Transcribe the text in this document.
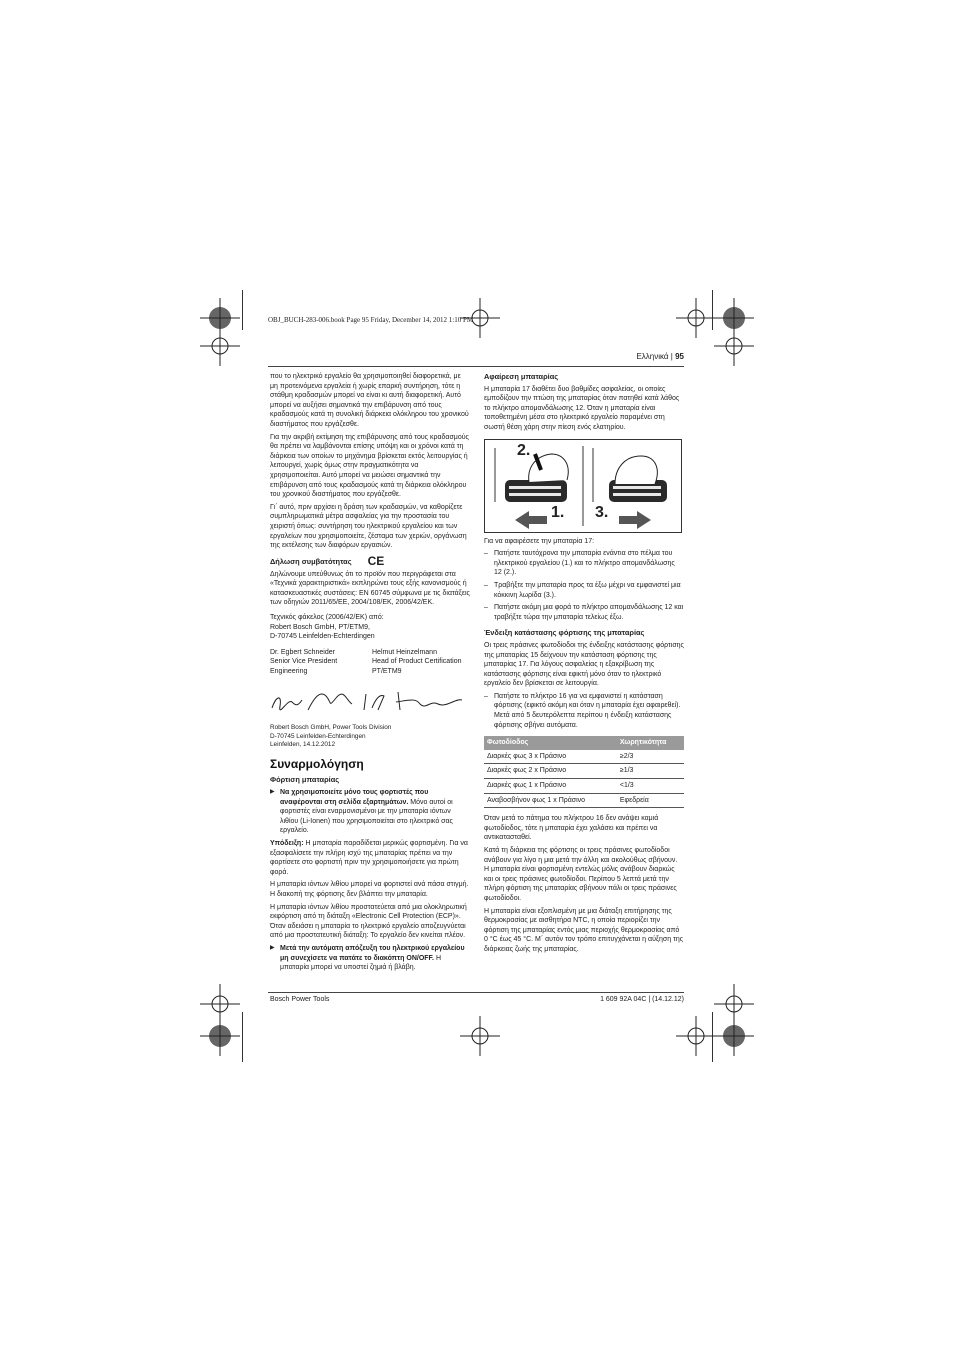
OBJ_BUCH-283-006.book Page 95 Friday, December 14, 2012 1:10 PM
Ελληνικά | 95

που το ηλεκτρικό εργαλείο θα χρησιμοποιηθεί διαφορετικά, με μη προτεινόμενα εργαλεία ή χωρίς επαρκή συντήρηση, τότε η στάθμη κραδασμών μπορεί να είναι κι αυτή διαφορετική. Αυτό μπορεί να αυξήσει σημαντικά την επιβάρυνση από τους κραδασμούς κατά τη συνολική διάρκεια ολόκληρου του χρονικού διαστήματος που εργάζεσθε.

Για την ακριβή εκτίμηση της επιβάρυνσης από τους κραδασμούς θα πρέπει να λαμβάνονται επίσης υπόψη και οι χρόνοι κατά τη διάρκεια των οποίων το μηχάνημα βρίσκεται εκτός λειτουργίας ή λειτουργεί, χωρίς όμως στην πραγματικότητα να χρησιμοποιείται. Αυτό μπορεί να μειώσει σημαντικά την επιβάρυνση από τους κραδασμούς κατά τη διάρκεια ολόκληρου του χρονικού διαστήματος που εργάζεσθε.

Γι΄ αυτό, πριν αρχίσει η δράση των κραδασμών, να καθορίζετε συμπληρωματικά μέτρα ασφαλείας για την προστασία του χειριστή όπως: συντήρηση του ηλεκτρικού εργαλείου και των εργαλείων που χρησιμοποιείτε, ζέσταμα των χεριών, οργάνωση της εκτέλεσης των διαφόρων εργασιών.

Δήλωση συμβατότητας CE

Δηλώνουμε υπεύθυνως ότι το προϊόν που περιγράφεται στα «Τεχνικά χαρακτηριστικά» εκπληρώνει τους εξής κανονισμούς ή κατασκευαστικές συστάσεις: EN 60745 σύμφωνα με τις διατάξεις των οδηγιών 2011/65/ΕE, 2004/108/ΕΚ, 2006/42/ΕΚ.

Τεχνικός φάκελος (2006/42/ΕΚ) από:
Robert Bosch GmbH, PT/ETM9,
D-70745 Leinfelden-Echterdingen

Dr. Egbert Schneider	Helmut Heinzelmann
Senior Vice President	Head of Product Certification
Engineering	PT/ETM9

Robert Bosch GmbH, Power Tools Division
D-70745 Leinfelden-Echterdingen
Leinfelden, 14.12.2012

Συναρμολόγηση
Φόρτιση μπαταρίας

▶ Να χρησιμοποιείτε μόνο τους φορτιστές που αναφέρονται στη σελίδα εξαρτημάτων. Μόνο αυτοί οι φορτιστές είναι εναρμονισμένοι με την μπαταρία ιόντων λιθίου (Li-Ionen) που χρησιμοποιείται στο ηλεκτρικό σας εργαλείο.

Υπόδειξη: Η μπαταρία παραδίδεται μερικώς φορτισμένη. Για να εξασφαλίσετε την πλήρη ισχύ της μπαταρίας πρέπει να την φορτίσετε στο φορτιστή πριν την χρησιμοποιήσετε για πρώτη φορά.

Η μπαταρία ιόντων λιθίου μπορεί να φορτιστεί ανά πάσα στιγμή. Η διακοπή της φόρτισης δεν βλάπτει την μπαταρία.

Η μπαταρία ιόντων λιθίου προστατεύεται από μια ολοκληρωτική εκφόρτιση από τη διάταξη «Electronic Cell Protection (ECP)». Όταν αδειάσει η μπαταρία το ηλεκτρικό εργαλείο αποζευγνύεται από μια προστατευτική διάταξη: Το εργαλείο δεν κινείται πλέον.

▶ Μετά την αυτόματη απόζευξη του ηλεκτρικού εργαλείου μη συνεχίσετε να πατάτε το διακόπτη ON/OFF. Η μπαταρία μπορεί να υποστεί ζημιά ή βλάβη.

Αφαίρεση μπαταρίας

Η μπαταρία 17 διαθέτει δυο βαθμίδες ασφαλείας, οι οποίες εμποδίζουν την πτώση της μπαταρίας όταν πατηθεί κατά λάθος το πλήκτρο απομανδάλωσης 12. Όταν η μπαταρία είναι τοποθετημένη μέσα στο ηλεκτρικό εργαλείο παραμένει στη σωστή θέση χάρη στην πίεση ενός ελατηρίου.

2.
1. 3.

Για να αφαιρέσετε την μπαταρία 17:

– Πατήστε ταυτόχρονα την μπαταρία ενάντια στο πέλμα του ηλεκτρικού εργαλείου (1.) και το πλήκτρο απομανδάλωσης 12 (2.).

– Τραβήξτε την μπαταρία προς τα έξω μέχρι να εμφανιστεί μια κόκκινη λωρίδα (3.).

– Πατήστε ακόμη μια φορά το πλήκτρο απομανδάλωσης 12 και τραβήξτε τώρα την μπαταρία τελείως έξω.

Ένδειξη κατάστασης φόρτισης της μπαταρίας

Οι τρεις πράσινες φωτοδίοδοι της ένδειξης κατάστασης φόρτισης της μπαταρίας 15 δείχνουν την κατάσταση φόρτισης της μπαταρίας 17. Για λόγους ασφαλείας η εξακρίβωση της κατάστασης φόρτισης είναι εφικτή μόνο όταν το ηλεκτρικό εργαλείο δεν βρίσκεται σε λειτουργία.

– Πατήστε το πλήκτρο 16 για να εμφανιστεί η κατάσταση φόρτισης (εφικτό ακόμη και όταν η μπαταρία έχει αφαιρεθεί). Μετά από 5 δευτερόλεπτα περίπου η ένδειξη κατάστασης φόρτισης σβήνει αυτόματα.

Φωτοδίοδος	Χωρητικότητα
Διαρκές φως 3 x Πράσινο	≥2/3
Διαρκές φως 2 x Πράσινο	≥1/3
Διαρκές φως 1 x Πράσινο	<1/3
Αναβοσβήνον φως 1 x Πράσινο	Εφεδρεία

Όταν μετά το πάτημα του πλήκτρου 16 δεν ανάψει καμιά φωτοδίοδος, τότε η μπαταρία έχει χαλάσει και πρέπει να αντικατασταθεί.

Κατά τη διάρκεια της φόρτισης οι τρεις πράσινες φωτοδίοδοι ανάβουν για λίγο η μια μετά την άλλη και ακολούθως σβήνουν. Η μπαταρία είναι φορτισμένη εντελώς μόλις ανάβουν διαρκώς και οι τρεις πράσινες φωτοδίοδοι. Περίπου 5 λεπτά μετά την πλήρη φόρτιση της μπαταρίας σβήνουν πάλι οι τρεις πράσινες φωτοδίοδοι.

Η μπαταρία είναι εξοπλισμένη με μια διάταξη επιτήρησης της θερμοκρασίας με αισθητήρα NTC, η οποία περιορίζει την φόρτιση της μπαταρίας εντός μιας περιοχής θερμοκρασίας από 0 °C έως 45 °C. Μ΄ αυτόν τον τρόπο επιτυγχάνεται η αύξηση της διάρκειας ζωής της μπαταρίας.

Bosch Power Tools	1 609 92A 04C | (14.12.12)
